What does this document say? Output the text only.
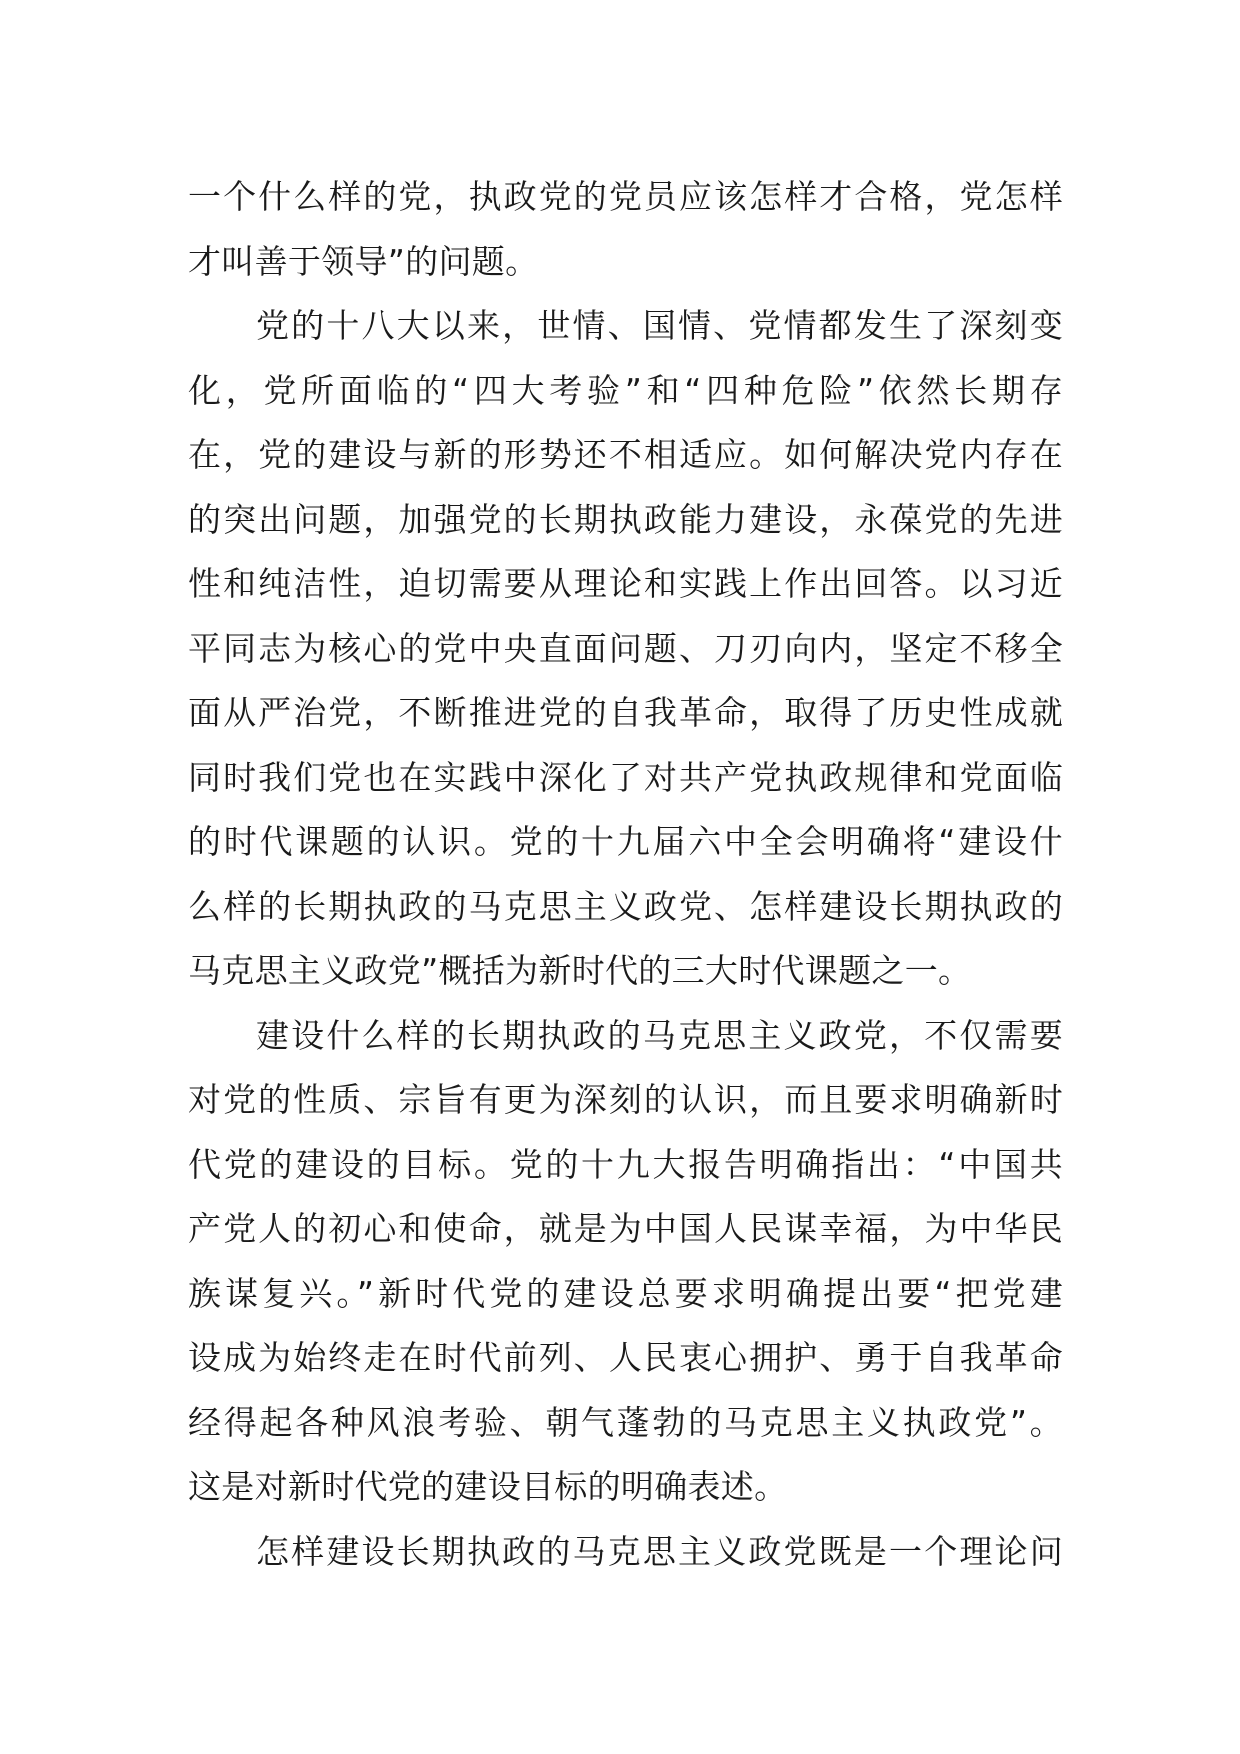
一个什么样的党，执政党的党员应该怎样才合格，党怎样
才叫善于领导”的问题。
党的十八大以来，世情、国情、党情都发生了深刻变
化，党所面临的“四大考验”和“四种危险”依然长期存
在，党的建设与新的形势还不相适应。如何解决党内存在
的突出问题，加强党的长期执政能力建设，永葆党的先进
性和纯洁性，迫切需要从理论和实践上作出回答。以习近
平同志为核心的党中央直面问题、刀刃向内，坚定不移全
面从严治党，不断推进党的自我革命，取得了历史性成就
同时我们党也在实践中深化了对共产党执政规律和党面临
的时代课题的认识。党的十九届六中全会明确将“建设什
么样的长期执政的马克思主义政党、怎样建设长期执政的
马克思主义政党”概括为新时代的三大时代课题之一。
建设什么样的长期执政的马克思主义政党，不仅需要
对党的性质、宗旨有更为深刻的认识，而且要求明确新时
代党的建设的目标。党的十九大报告明确指出：“中国共
产党人的初心和使命，就是为中国人民谋幸福，为中华民
族谋复兴。”新时代党的建设总要求明确提出要“把党建
设成为始终走在时代前列、人民衷心拥护、勇于自我革命
经得起各种风浪考验、朝气蓬勃的马克思主义执政党”。
这是对新时代党的建设目标的明确表述。
怎样建设长期执政的马克思主义政党既是一个理论问
